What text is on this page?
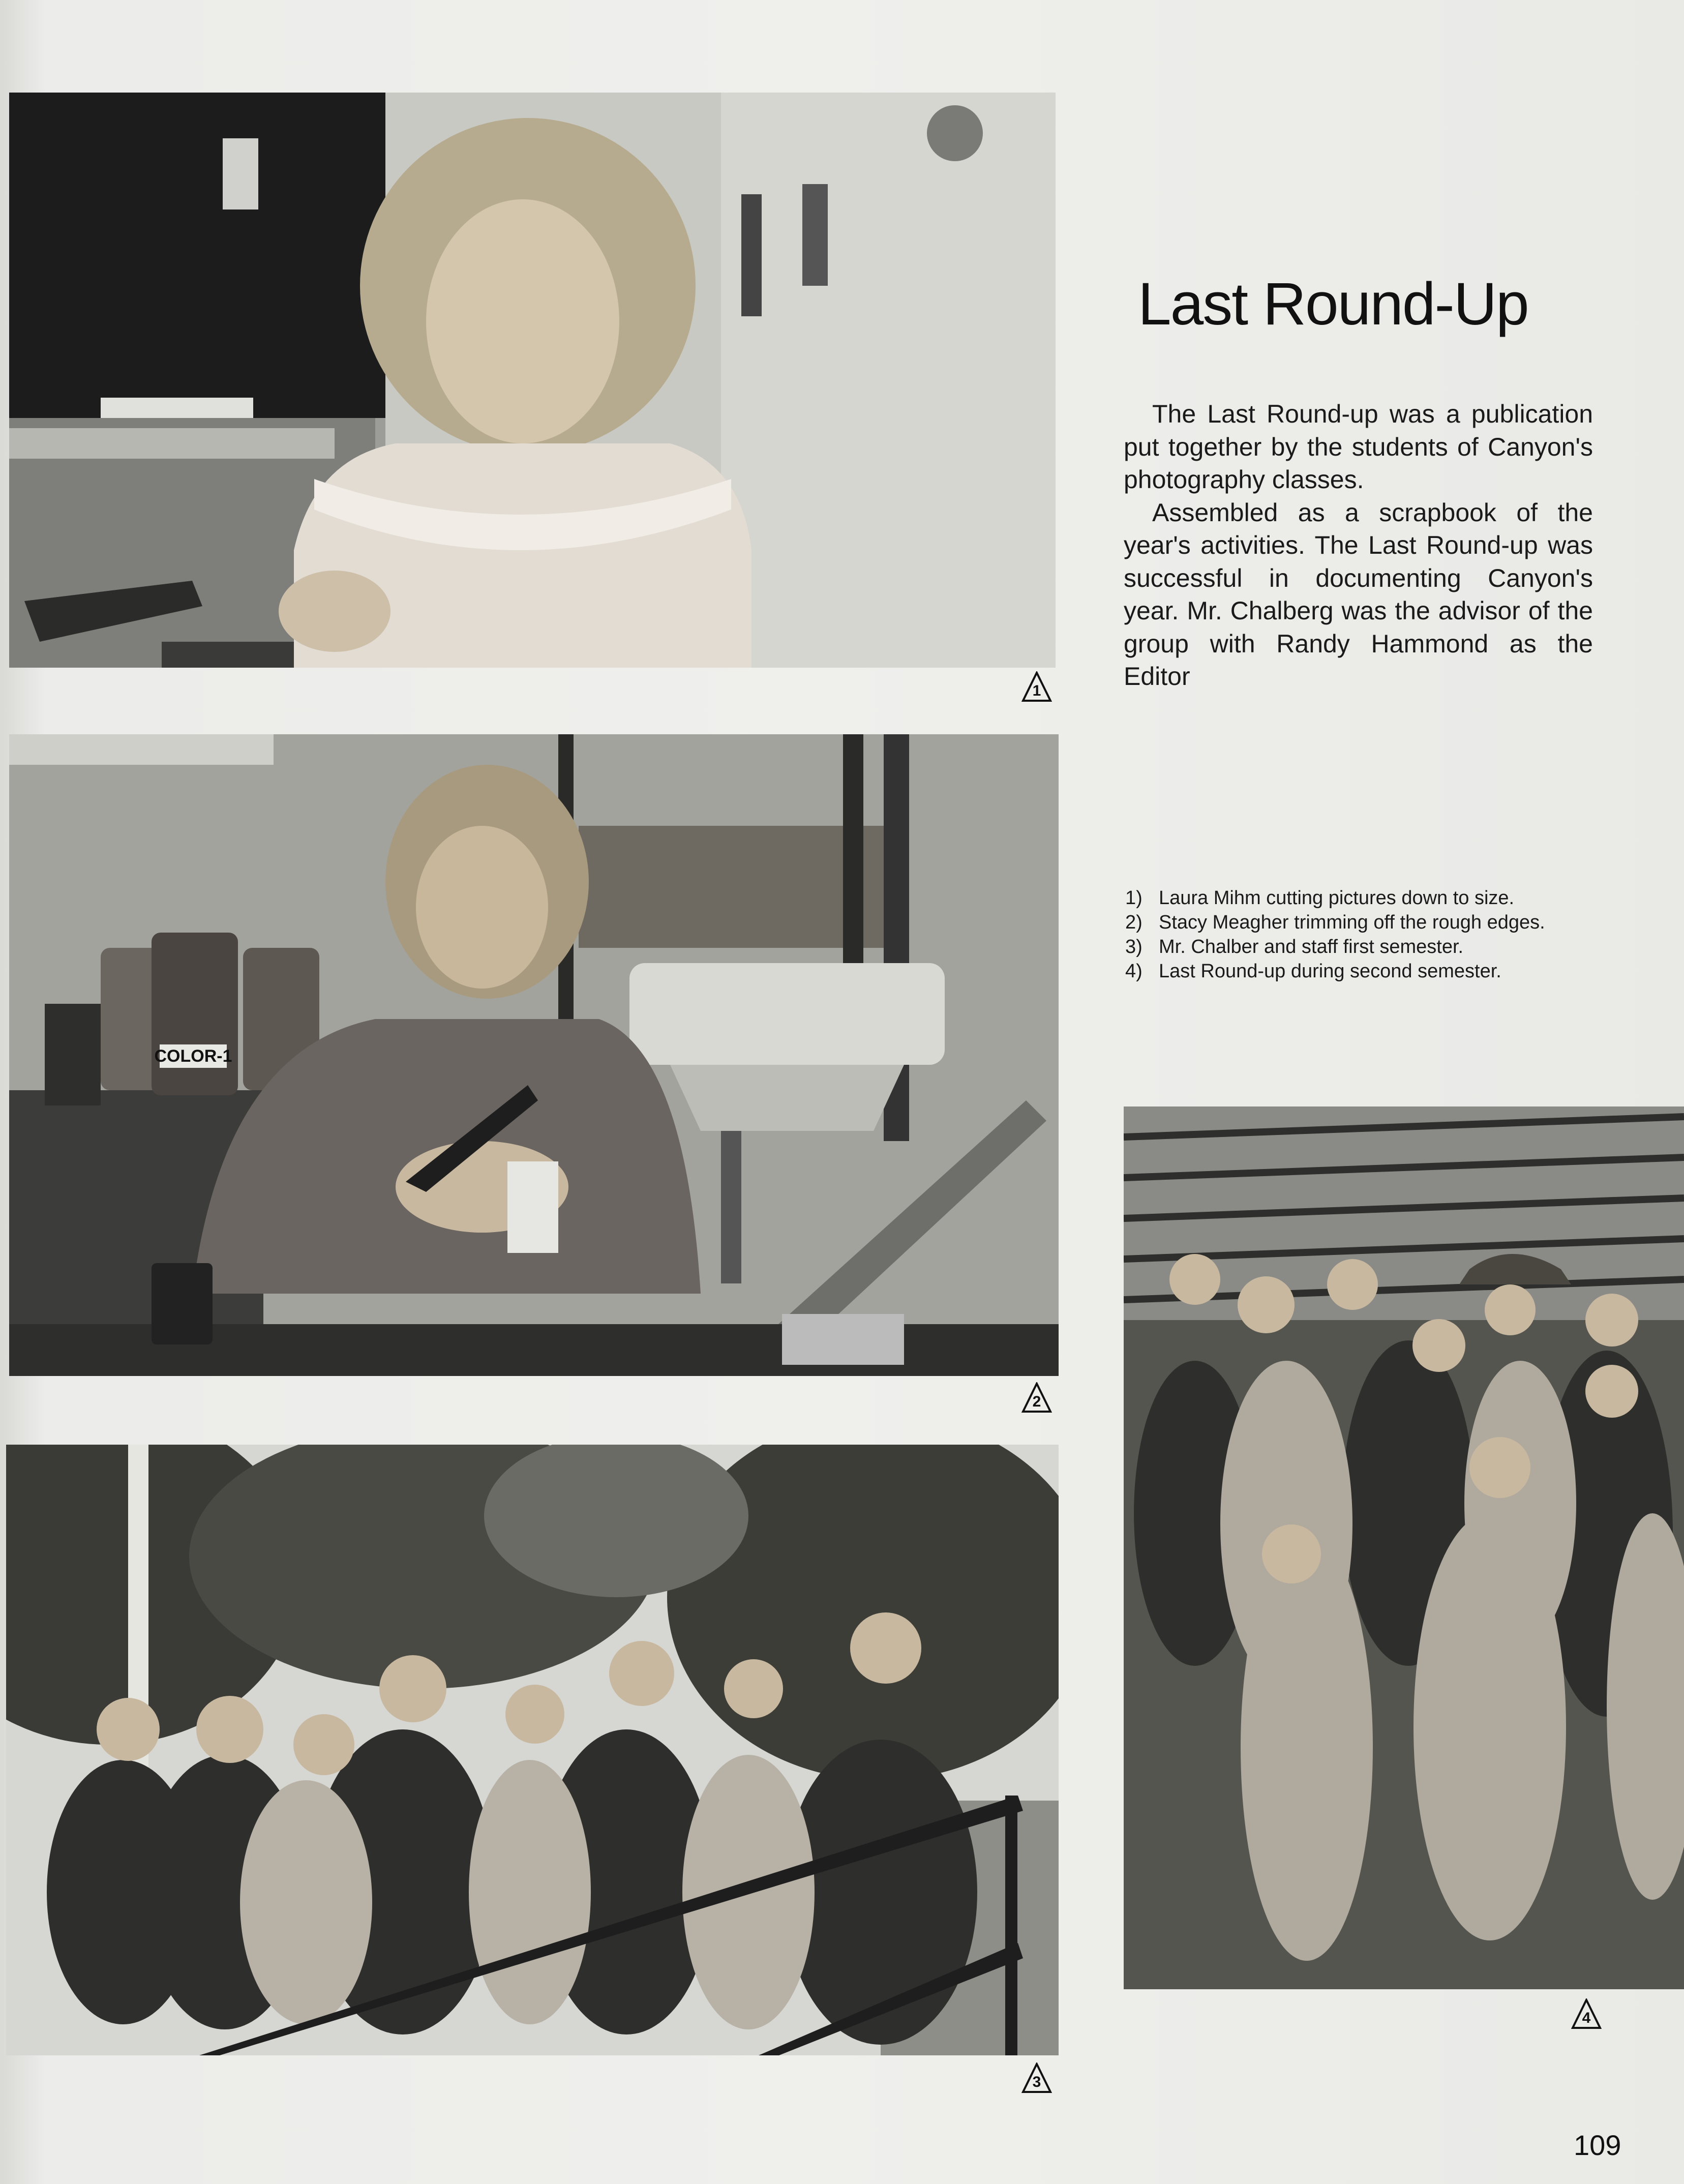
COLOR-1
1
2
3
4
Last Round-Up

The Last Round-up was a publication put together by the students of Canyon's photography classes.

Assembled as a scrapbook of the year's activities. The Last Round-up was successful in documenting Canyon's year. Mr. Chalberg was the advisor of the group with Randy Hammond as the Editor

1) Laura Mihm cutting pictures down to size.
2) Stacy Meagher trimming off the rough edges.
3) Mr. Chalber and staff first semester.
4) Last Round-up during second semester.
109
